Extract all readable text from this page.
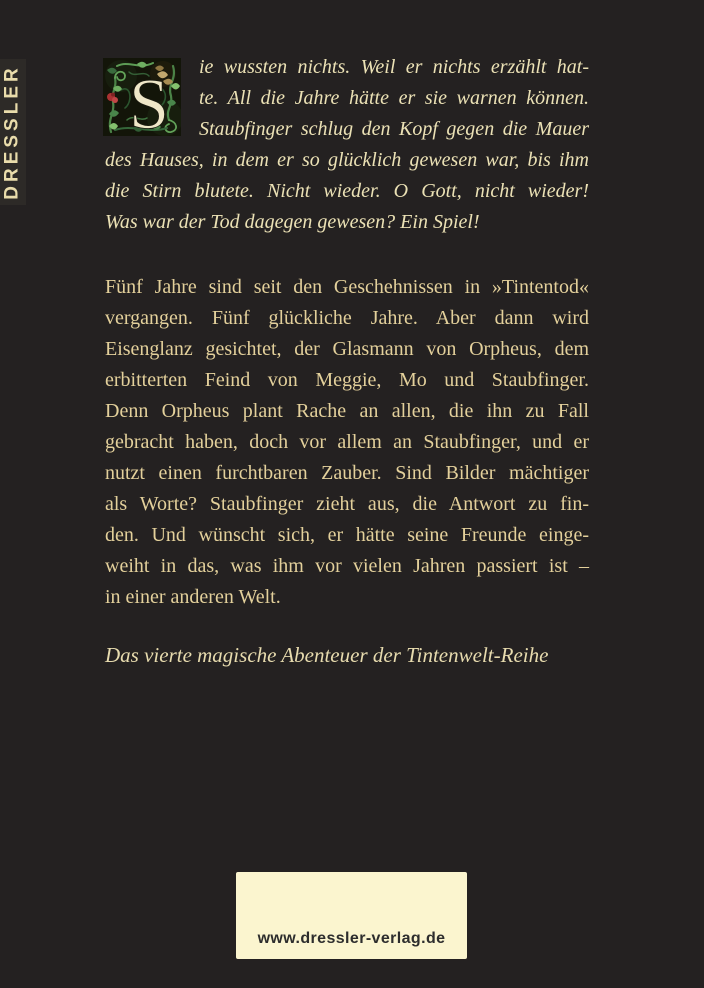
DRESSLER S ie wussten nichts. Weil er nichts erzählt hat-
te. All die Jahre hätte er sie warnen können.
Staubfinger schlug den Kopf gegen die Mauer
des Hauses, in dem er so glücklich gewesen war, bis ihm
die Stirn blutete. Nicht wieder. O Gott, nicht wieder!
Was war der Tod dagegen gewesen? Ein Spiel!
Fünf Jahre sind seit den Geschehnissen in »Tintentod«
vergangen. Fünf glückliche Jahre. Aber dann wird
Eisenglanz gesichtet, der Glasmann von Orpheus, dem
erbitterten Feind von Meggie, Mo und Staubfinger.
Denn Orpheus plant Rache an allen, die ihn zu Fall
gebracht haben, doch vor allem an Staubfinger, und er
nutzt einen furchtbaren Zauber. Sind Bilder mächtiger
als Worte? Staubfinger zieht aus, die Antwort zu fin-
den. Und wünscht sich, er hätte seine Freunde einge-
weiht in das, was ihm vor vielen Jahren passiert ist –
in einer anderen Welt.
Das vierte magische Abenteuer der Tintenwelt-Reihe
www.dressler-verlag.de
